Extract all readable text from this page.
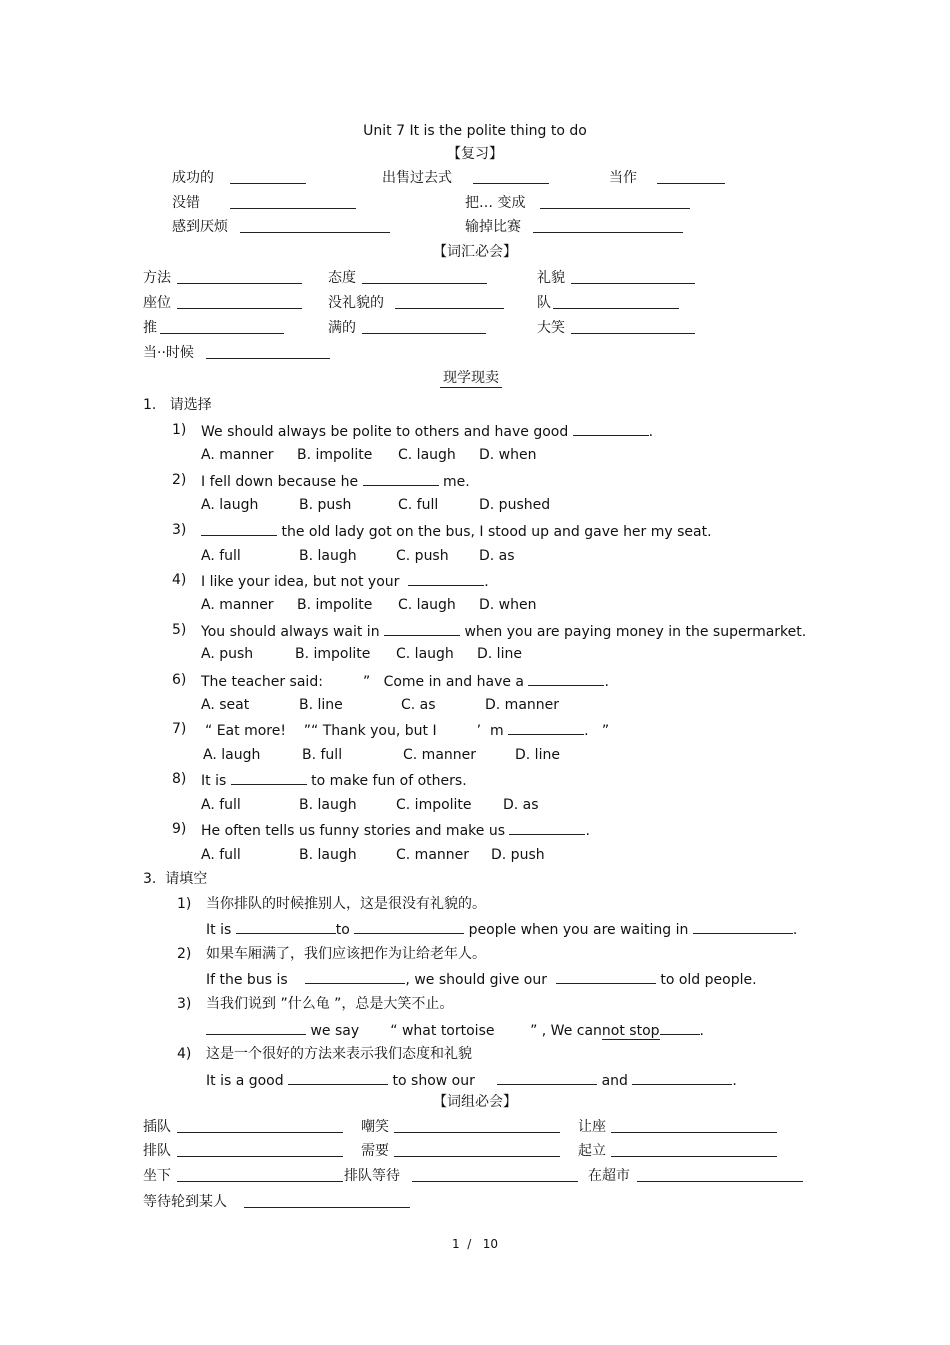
Unit 7 It is the polite thing to do
【复习】
成功的	出售过去式	当作
没错	把… 变成
感到厌烦	输掉比赛
【词汇必会】
方法	态度	礼貌
座位	没礼貌的	队
推	满的	大笑
当··时候
现学现卖
1.   请选择
1) We should always be polite to others and have good	.
A. manner B. impolite C. laugh D. when
2) I fell down because he	me.
A. laugh	B. push	C. full	D. pushed
3)	the old lady got on the bus, I stood up and gave her my seat.
A. full	B. laugh	C. push D. as
4) I like your idea, but not your	.
A. manner B. impolite C. laugh D. when
5) You should always wait in	when you are paying money in the supermarket.
A. push	B. impolite C. laugh D. line
6) The teacher said:         ”   Come in and have a	.
A. seat	B. line	C. as	D. manner
7) “ Eat more!    ”“ Thank you, but I         ’  m	.   ”
A. laugh	B. full	C. manner	D. line
8) It is	to make fun of others.
A. full	B. laugh	C. impolite D. as
9) He often tells us funny stories and make us	.
A. full	B. laugh	C. manner D. push
3.  请填空
1) 当你排队的时候推别人，这是很没有礼貌的。
It is	to	people when you are waiting in	.
2) 如果车厢满了，我们应该把作为让给老年人。
If the bus is	, we should give our	to old people.
3) 当我们说到 ”什么龟 ”，总是大笑不止。
we say       “ what tortoise        ” , We cannot stop	.
4) 这是一个很好的方法来表示我们态度和礼貌
It is a good	to show our	and	.
【词组必会】
插队	嘲笑	让座
排队	需要	起立
坐下	排队等待	在超市
等待轮到某人
1  /   10
